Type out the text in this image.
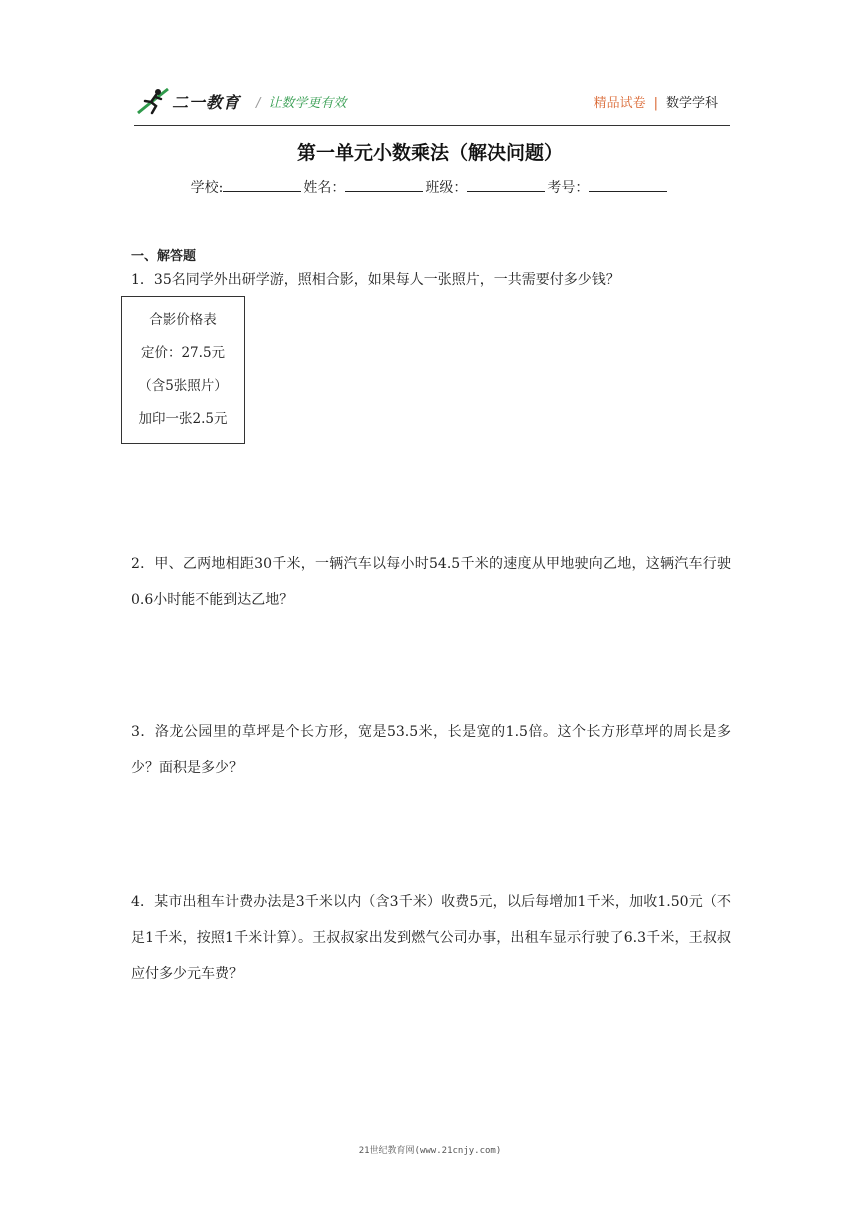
二一教育 / 让数学更有效	精品试卷 | 数学学科
第一单元小数乘法（解决问题）
学校:	姓名：	班级：	考号：
一、解答题
1．35名同学外出研学游，照相合影，如果每人一张照片，一共需要付多少钱？
合影价格表
定价：27.5元
（含5张照片）
加印一张2.5元
2．甲、乙两地相距30千米，一辆汽车以每小时54.5千米的速度从甲地驶向乙地，这辆汽车行驶0.6小时能不能到达乙地？
3．洛龙公园里的草坪是个长方形，宽是53.5米，长是宽的1.5倍。这个长方形草坪的周长是多少？面积是多少？
4．某市出租车计费办法是3千米以内（含3千米）收费5元，以后每增加1千米，加收1.50元（不足1千米，按照1千米计算）。王叔叔家出发到燃气公司办事，出租车显示行驶了6.3千米，王叔叔应付多少元车费？
21世纪教育网(www.21cnjy.com)
